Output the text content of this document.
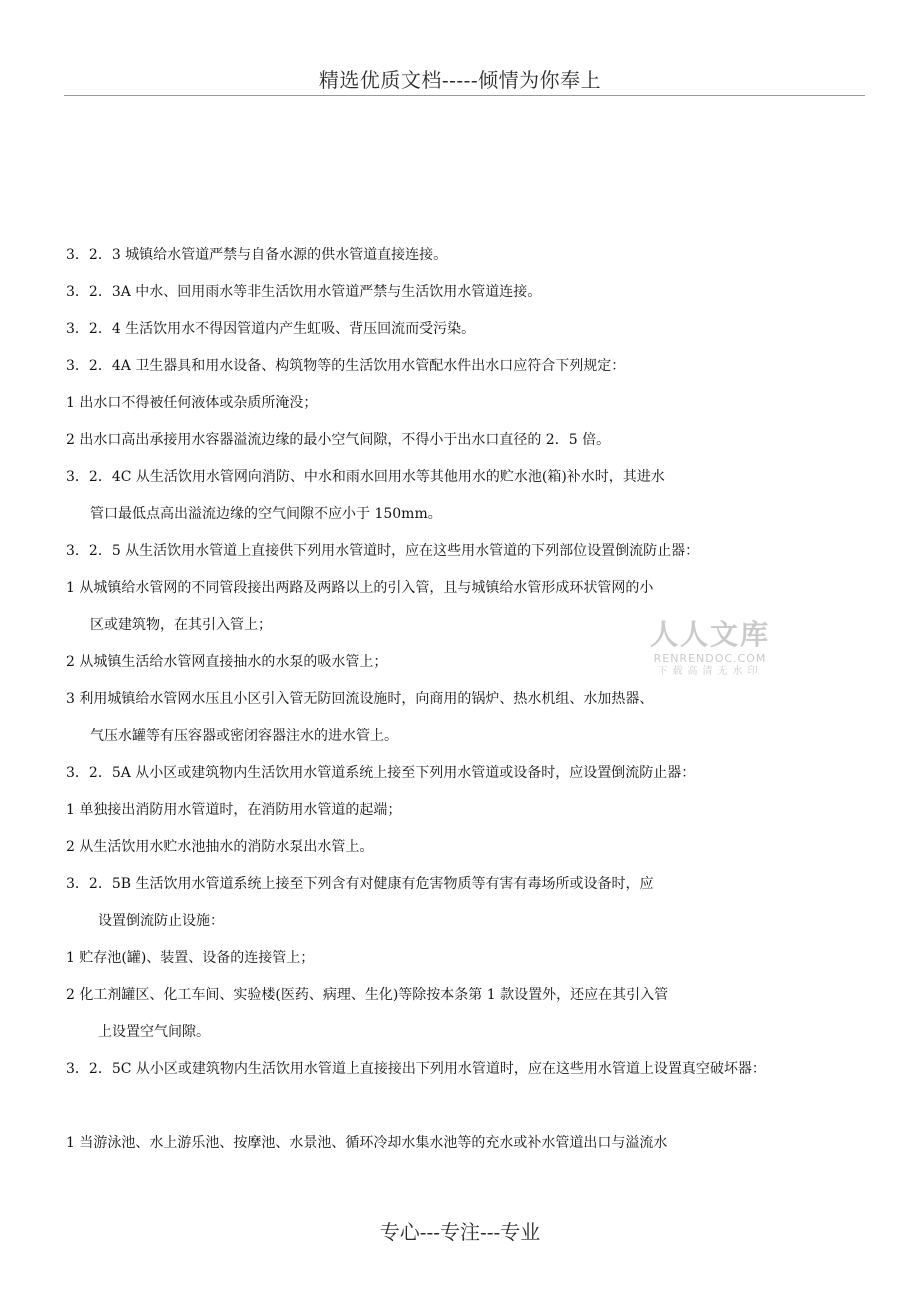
精选优质文档-----倾情为你奉上
3．2．3 城镇给水管道严禁与自备水源的供水管道直接连接。
3．2．3A 中水、回用雨水等非生活饮用水管道严禁与生活饮用水管道连接。
3．2．4 生活饮用水不得因管道内产生虹吸、背压回流而受污染。
3．2．4A 卫生器具和用水设备、构筑物等的生活饮用水管配水件出水口应符合下列规定：
1 出水口不得被任何液体或杂质所淹没；
2 出水口高出承接用水容器溢流边缘的最小空气间隙，不得小于出水口直径的 2．5 倍。
3．2．4C 从生活饮用水管网向消防、中水和雨水回用水等其他用水的贮水池(箱)补水时，其进水
管口最低点高出溢流边缘的空气间隙不应小于 150mm。
3．2．5 从生活饮用水管道上直接供下列用水管道时，应在这些用水管道的下列部位设置倒流防止器：
1 从城镇给水管网的不同管段接出两路及两路以上的引入管，且与城镇给水管形成环状管网的小
区或建筑物，在其引入管上；
2 从城镇生活给水管网直接抽水的水泵的吸水管上；
3 利用城镇给水管网水压且小区引入管无防回流设施时，向商用的锅炉、热水机组、水加热器、
气压水罐等有压容器或密闭容器注水的进水管上。
3．2．5A 从小区或建筑物内生活饮用水管道系统上接至下列用水管道或设备时，应设置倒流防止器：
1 单独接出消防用水管道时，在消防用水管道的起端；
2 从生活饮用水贮水池抽水的消防水泵出水管上。
3．2．5B 生活饮用水管道系统上接至下列含有对健康有危害物质等有害有毒场所或设备时，应
设置倒流防止设施：
1 贮存池(罐)、装置、设备的连接管上；
2 化工剂罐区、化工车间、实验楼(医药、病理、生化)等除按本条第 1 款设置外，还应在其引入管
上设置空气间隙。
3．2．5C 从小区或建筑物内生活饮用水管道上直接接出下列用水管道时，应在这些用水管道上设置真空破坏器：
1 当游泳池、水上游乐池、按摩池、水景池、循环冷却水集水池等的充水或补水管道出口与溢流水
人人文库
RENRENDOC.COM
下载高清无水印
专心---专注---专业
